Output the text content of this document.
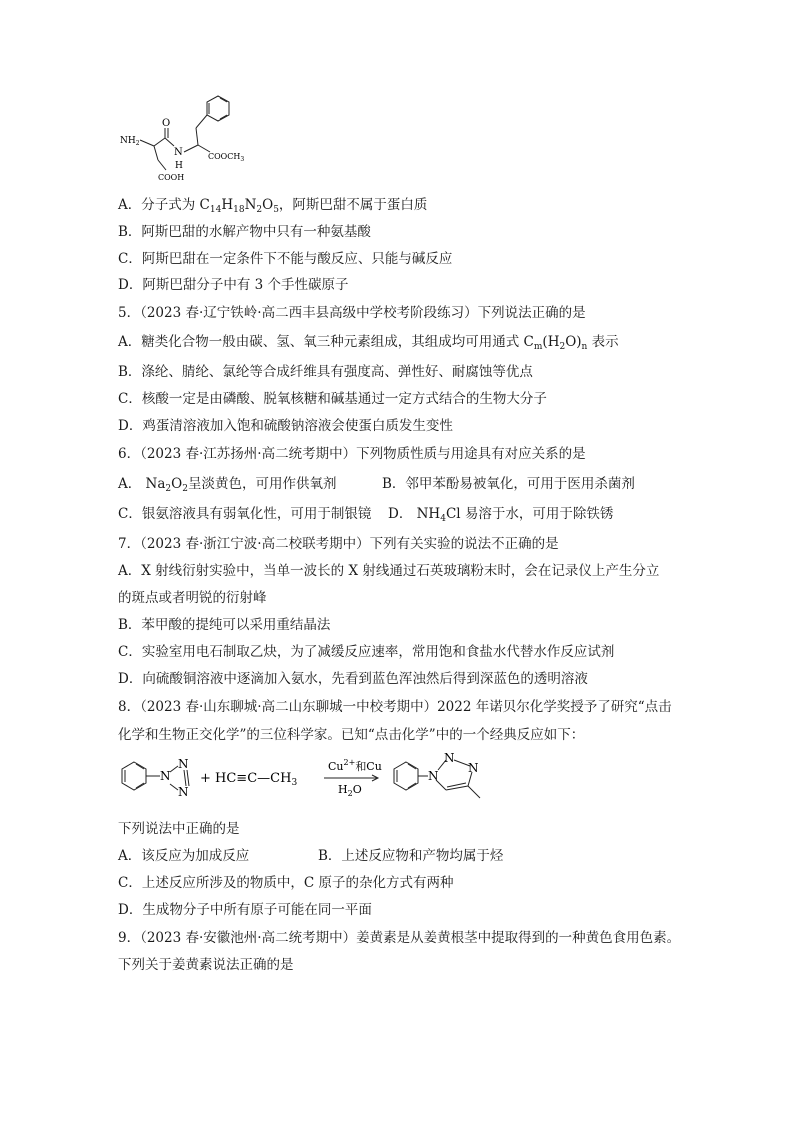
$NH_2$
O
N
H
$COOCH_3$
COOH
A．分子式为 $C_{14}H_{18}N_2O_5$，阿斯巴甜不属于蛋白质
B．阿斯巴甜的水解产物中只有一种氨基酸
C．阿斯巴甜在一定条件下不能与酸反应、只能与碱反应
D．阿斯巴甜分子中有 3 个手性碳原子
5．（2023 春·辽宁铁岭·高二西丰县高级中学校考阶段练习）下列说法正确的是
A．糖类化合物一般由碳、氢、氧三种元素组成，其组成均可用通式 $C_m(H_2O)_n$ 表示
B．涤纶、腈纶、氯纶等合成纤维具有强度高、弹性好、耐腐蚀等优点
C．核酸一定是由磷酸、脱氧核糖和碱基通过一定方式结合的生物大分子
D．鸡蛋清溶液加入饱和硫酸钠溶液会使蛋白质发生变性
6．（2023 春·江苏扬州·高二统考期中）下列物质性质与用途具有对应关系的是
A． $Na_2O_2$呈淡黄色，可用作供氧剂	B．邻甲苯酚易被氧化，可用于医用杀菌剂
C．银氨溶液具有弱氧化性，可用于制银镜 D． $NH_4Cl$ 易溶于水，可用于除铁锈
7．（2023 春·浙江宁波·高二校联考期中）下列有关实验的说法不正确的是
A．X 射线衍射实验中，当单一波长的 X 射线通过石英玻璃粉末时，会在记录仪上产生分立
的斑点或者明锐的衍射峰
B．苯甲酸的提纯可以采用重结晶法
C．实验室用电石制取乙炔，为了减缓反应速率，常用饱和食盐水代替水作反应试剂
D．向硫酸铜溶液中逐滴加入氨水，先看到蓝色浑浊然后得到深蓝色的透明溶液
8．（2023 春·山东聊城·高二山东聊城一中校考期中）2022 年诺贝尔化学奖授予了研究“点击
化学和生物正交化学”的三位科学家。已知“点击化学”中的一个经典反应如下：
N
N
N
+ $HC\equiv C—CH_3$
$Cu^{2+}$和Cu
$H_2O$
N
N
N
下列说法中正确的是
A．该反应为加成反应	B．上述反应物和产物均属于烃
C．上述反应所涉及的物质中，C 原子的杂化方式有两种
D．生成物分子中所有原子可能在同一平面
9．（2023 春·安徽池州·高二统考期中）姜黄素是从姜黄根茎中提取得到的一种黄色食用色素。
下列关于姜黄素说法正确的是
